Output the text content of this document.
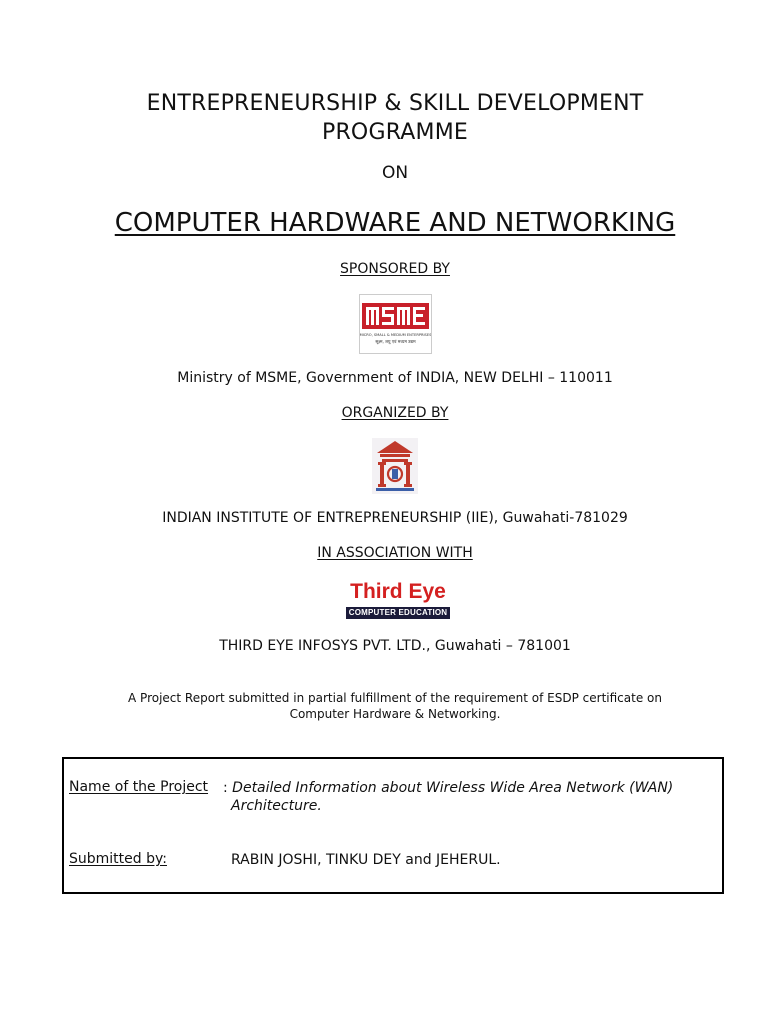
ENTREPRENEURSHIP & SKILL DEVELOPMENT
PROGRAMME
ON
COMPUTER HARDWARE AND NETWORKING
SPONSORED BY
MICRO, SMALL & MEDIUM ENTERPRISES
सूक्ष्म, लघु एवं मध्यम उद्यम
Ministry of MSME, Government of INDIA, NEW DELHI – 110011
ORGANIZED BY
INDIAN INSTITUTE OF ENTREPRENEURSHIP (IIE), Guwahati-781029
IN ASSOCIATION WITH
Third Eye
COMPUTER EDUCATION
THIRD EYE INFOSYS PVT. LTD., Guwahati – 781001
A Project Report submitted in partial fulfillment of the requirement of ESDP certificate on
Computer Hardware & Networking.
Name of the Project : Detailed Information about Wireless Wide Area Network (WAN)
Architecture.
Submitted by:	RABIN JOSHI, TINKU DEY and JEHERUL.
